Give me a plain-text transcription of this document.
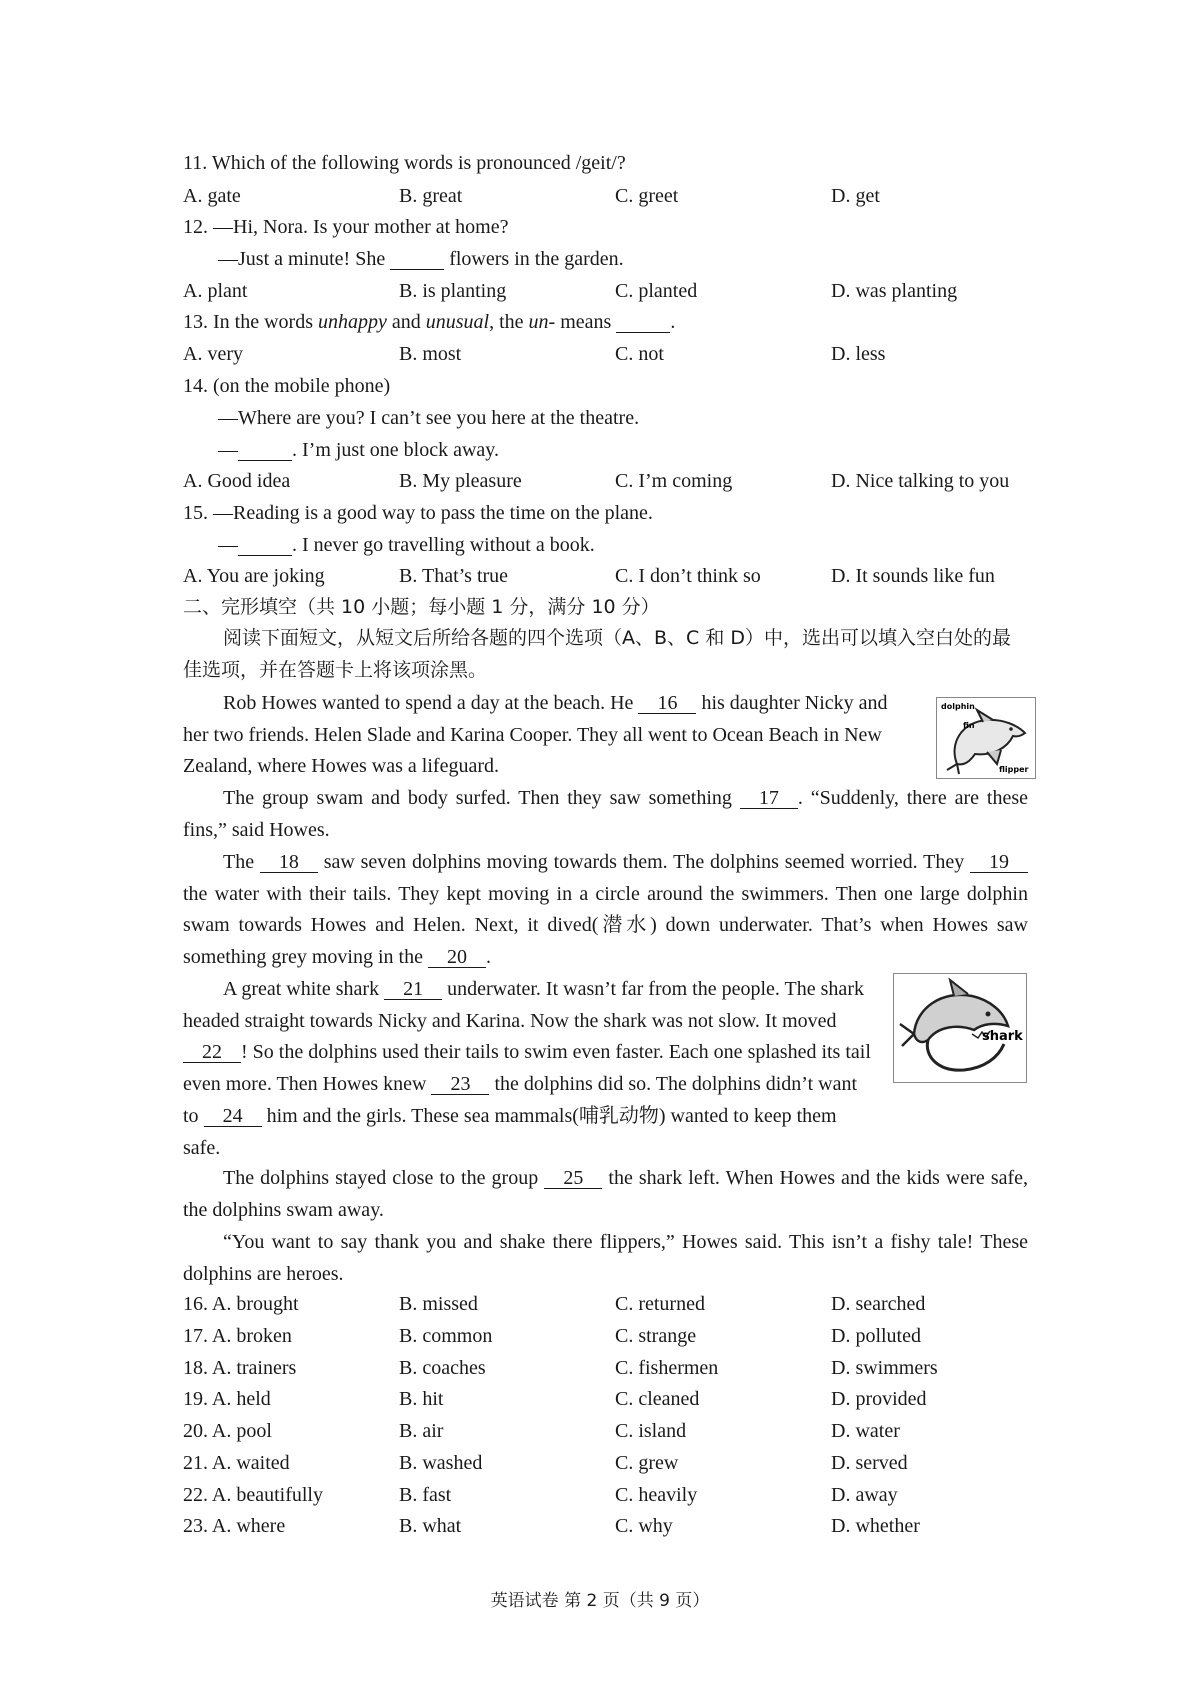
11. Which of the following words is pronounced /geit/?
A. gate	B. great	C. greet	D. get
12. —Hi, Nora. Is your mother at home?
—Just a minute! She	flowers in the garden.
A. plant	B. is planting	C. planted	D. was planting
13. In the words unhappy and unusual, the un- means	.
A. very	B. most	C. not	D. less
14. (on the mobile phone)
—Where are you? I can’t see you here at the theatre.
—	. I’m just one block away.
A. Good idea	B. My pleasure	C. I’m coming	D. Nice talking to you
15. —Reading is a good way to pass the time on the plane.
—	. I never go travelling without a book.
A. You are joking	B. That’s true	C. I don’t think so	D. It sounds like fun
二、完形填空（共 10 小题；每小题 1 分，满分 10 分）
阅读下面短文，从短文后所给各题的四个选项（A、B、C 和 D）中，选出可以填入空白处的最佳选项，并在答题卡上将该项涂黑。
dolphin
fin
flipper
Rob Howes wanted to spend a day at the beach. He 16 his daughter Nicky and her two friends. Helen Slade and Karina Cooper. They all went to Ocean Beach in New Zealand, where Howes was a lifeguard.
The group swam and body surfed. Then they saw something 17 . “Suddenly, there are these fins,” said Howes.
The 18 saw seven dolphins moving towards them. The dolphins seemed worried. They 19 the water with their tails. They kept moving in a circle around the swimmers. Then one large dolphin swam towards Howes and Helen. Next, it dived(潜水) down underwater. That’s when Howes saw something grey moving in the 20 .
shark
A great white shark 21 underwater. It wasn’t far from the people. The shark headed straight towards Nicky and Karina. Now the shark was not slow. It moved 22 ! So the dolphins used their tails to swim even faster. Each one splashed its tail even more. Then Howes knew 23 the dolphins did so. The dolphins didn’t want to 24 him and the girls. These sea mammals(哺乳动物) wanted to keep them safe.
The dolphins stayed close to the group 25 the shark left. When Howes and the kids were safe, the dolphins swam away.
“You want to say thank you and shake there flippers,” Howes said. This isn’t a fishy tale! These dolphins are heroes.
16. A. brought	B. missed	C. returned	D. searched
17. A. broken	B. common	C. strange	D. polluted
18. A. trainers	B. coaches	C. fishermen	D. swimmers
19. A. held	B. hit	C. cleaned	D. provided
20. A. pool	B. air	C. island	D. water
21. A. waited	B. washed	C. grew	D. served
22. A. beautifully	B. fast	C. heavily	D. away
23. A. where	B. what	C. why	D. whether
英语试卷 第 2 页（共 9 页）
